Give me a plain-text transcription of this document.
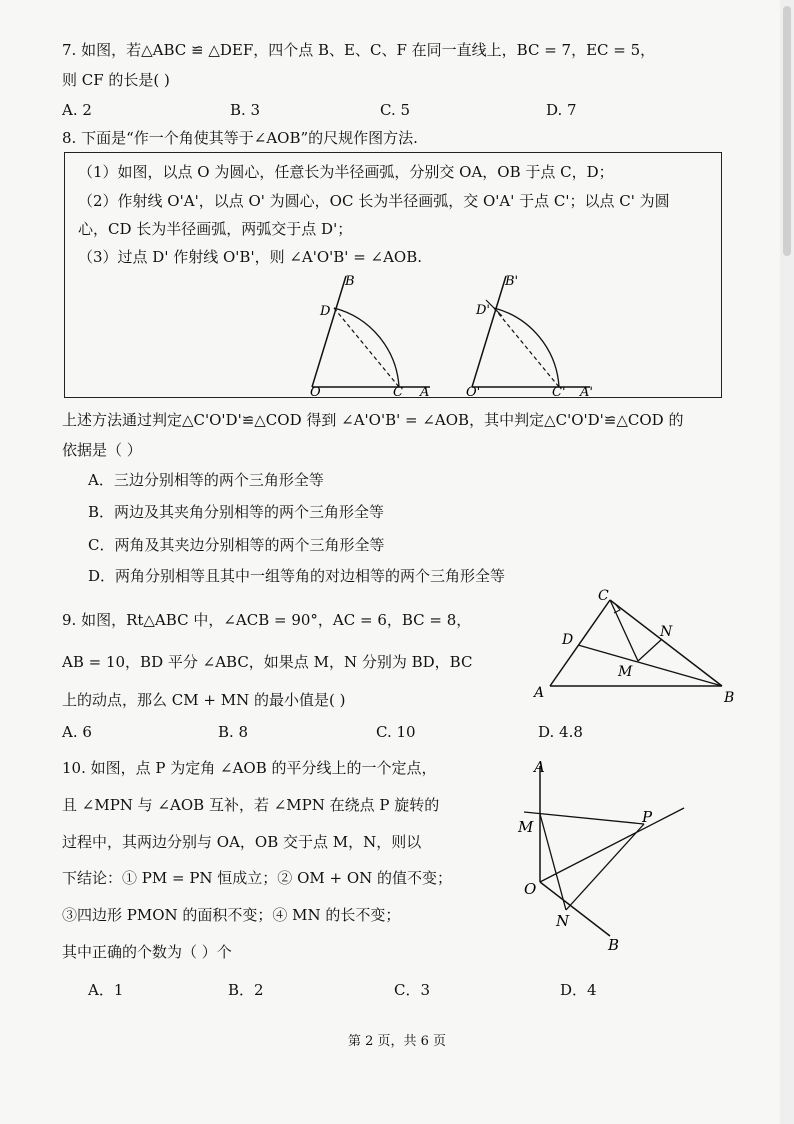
7. 如图，若△ABC ≌ △DEF，四个点 B、E、C、F 在同一直线上，BC = 7，EC = 5，
则 CF 的长是( )
A. 2	B. 3	C. 5	D. 7
8. 下面是“作一个角使其等于∠AOB”的尺规作图方法.
（1）如图，以点 O 为圆心，任意长为半径画弧，分别交 OA，OB 于点 C，D；
（2）作射线 O'A'，以点 O' 为圆心，OC 长为半径画弧，交 O'A' 于点 C'；以点 C' 为圆
心，CD 长为半径画弧，两弧交于点 D'；
（3）过点 D' 作射线 O'B'，则 ∠A'O'B' = ∠AOB.
O	A
B
C
D
O'	A'
B'
C'
D'
上述方法通过判定△C'O'D'≌△COD 得到 ∠A'O'B' = ∠AOB，其中判定△C'O'D'≌△COD 的
依据是（ ）
A．三边分别相等的两个三角形全等
B．两边及其夹角分别相等的两个三角形全等
C．两角及其夹边分别相等的两个三角形全等
D．两角分别相等且其中一组等角的对边相等的两个三角形全等
9. 如图，Rt△ABC 中，∠ACB = 90°，AC = 6，BC = 8，
AB = 10，BD 平分 ∠ABC，如果点 M，N 分别为 BD，BC
上的动点，那么 CM + MN 的最小值是( )
A. 6	B. 8	C. 10	D. 4.8
C
D	N
M
A	B
10. 如图，点 P 为定角 ∠AOB 的平分线上的一个定点，
且 ∠MPN 与 ∠AOB 互补，若 ∠MPN 在绕点 P 旋转的
过程中，其两边分别与 OA，OB 交于点 M，N，则以
下结论：① PM = PN 恒成立；② OM + ON 的值不变；
③四边形 PMON 的面积不变；④ MN 的长不变；
其中正确的个数为（ ）个
A．1	B．2	C．3	D．4
A
M
P
O
N
B
第 2 页，共 6 页
